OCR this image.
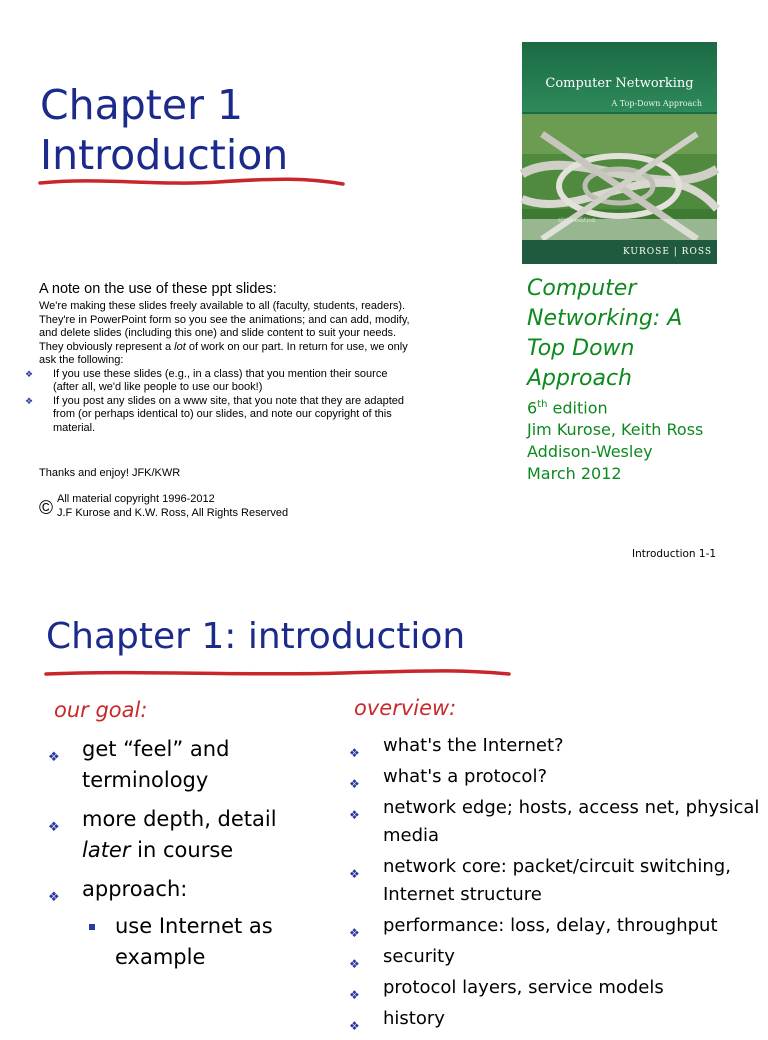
Chapter 1
Introduction
Computer Networking
A Top-Down Approach
sixth edition
KUROSE | ROSS
A note on the use of these ppt slides:

We're making these slides freely available to all (faculty, students, readers).

They're in PowerPoint form so you see the animations; and can add, modify,

and delete slides (including this one) and slide content to suit your needs.

They obviously represent a lot of work on our part. In return for use, we only

ask the following:

❖ If you use these slides (e.g., in a class) that you mention their source
(after all, we'd like people to use our book!)
❖ If you post any slides on a www site, that you note that they are adapted
from (or perhaps identical to) our slides, and note our copyright of this
material.
Thanks and enjoy! JFK/KWR
© All material copyright 1996-2012
J.F Kurose and K.W. Ross, All Rights Reserved
Computer
Networking: A
Top Down
Approach
6th edition
Jim Kurose, Keith Ross
Addison-Wesley
March 2012
Introduction 1-1
Chapter 1: introduction
our goal:
❖ get “feel” and terminology
❖ more depth, detail later in course
❖ approach:
use Internet as example
overview:
❖ what's the Internet?
❖ what's a protocol?
❖ network edge; hosts, access net, physical media
❖ network core: packet/circuit switching, Internet structure
❖ performance: loss, delay, throughput
❖ security
❖ protocol layers, service models
❖ history
